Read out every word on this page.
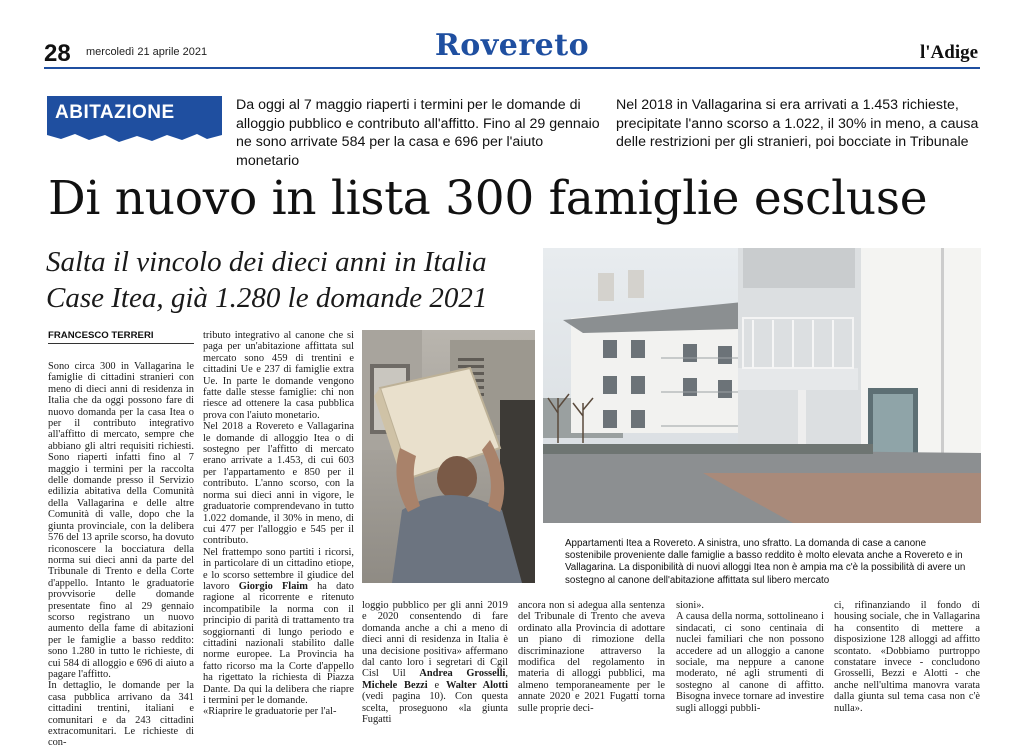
28 mercoledì 21 aprile 2021	Rovereto	l'Adige
ABITAZIONE	Da oggi al 7 maggio riaperti i termini per le domande di alloggio pubblico e contributo all'affitto. Fino al 29 gennaio ne sono arrivate 584 per la casa e 696 per l'aiuto monetario
Nel 2018 in Vallagarina si era arrivati a 1.453 richieste, precipitate l'anno scorso a 1.022, il 30% in meno, a causa delle restrizioni per gli stranieri, poi bocciate in Tribunale
Di nuovo in lista 300 famiglie escluse
Salta il vincolo dei dieci anni in Italia
Case Itea, già 1.280 le domande 2021
FRANCESCO TERRERI

Sono circa 300 in Vallagarina le famiglie di cittadini stranieri con meno di dieci anni di residenza in Italia che da oggi possono fare di nuovo domanda per la casa Itea o per il contributo integrativo all'affitto di mercato, sempre che abbiano gli altri requisiti richiesti. Sono riaperti infatti fino al 7 maggio i termini per la raccolta delle domande presso il Servizio edilizia abitativa della Comunità della Vallagarina e delle altre Comunità di valle, dopo che la giunta provinciale, con la delibera 576 del 13 aprile scorso, ha dovuto riconoscere la bocciatura della norma sui dieci anni da parte del Tribunale di Trento e della Corte d'appello. Intanto le graduatorie provvisorie delle domande presentate fino al 29 gennaio scorso registrano un nuovo aumento della fame di abitazioni per le famiglie a basso reddito: sono 1.280 in tutto le richieste, di cui 584 di alloggio e 696 di aiuto a pagare l'affitto.

In dettaglio, le domande per la casa pubblica arrivano da 341 cittadini trentini, italiani e comunitari e da 243 cittadini extracomunitari. Le richieste di con-

tributo integrativo al canone che si paga per un'abitazione affittata sul mercato sono 459 di trentini e cittadini Ue e 237 di famiglie extra Ue. In parte le domande vengono fatte dalle stesse famiglie: chi non riesce ad ottenere la casa pubblica prova con l'aiuto monetario.

Nel 2018 a Rovereto e Vallagarina le domande di alloggio Itea o di sostegno per l'affitto di mercato erano arrivate a 1.453, di cui 603 per l'appartamento e 850 per il contributo. L'anno scorso, con la norma sui dieci anni in vigore, le graduatorie comprendevano in tutto 1.022 domande, il 30% in meno, di cui 477 per l'alloggio e 545 per il contributo.

Nel frattempo sono partiti i ricorsi, in particolare di un cittadino etiope, e lo scorso settembre il giudice del lavoro Giorgio Flaim ha dato ragione al ricorrente e ritenuto incompatibile la norma con il principio di parità di trattamento tra soggiornanti di lungo periodo e cittadini nazionali stabilito dalle norme europee. La Provincia ha fatto ricorso ma la Corte d'appello ha rigettato la richiesta di Piazza Dante. Da qui la delibera che riapre i termini per le domande.

«Riaprire le graduatorie per l'al-

Appartamenti Itea a Rovereto. A sinistra, uno sfratto. La domanda di case a canone sostenibile proveniente dalle famiglie a basso reddito è molto elevata anche a Rovereto e in Vallagarina. La disponibilità di nuovi alloggi Itea non è ampia ma c'è la possibilità di avere un sostegno al canone dell'abitazione affittata sul libero mercato

loggio pubblico per gli anni 2019 e 2020 consentendo di fare domanda anche a chi a meno di dieci anni di residenza in Italia è una decisione positiva» affermano dal canto loro i segretari di Cgil Cisl Uil Andrea Grosselli, Michele Bezzi e Walter Alotti (vedi pagina 10). Con questa scelta, proseguono «la giunta Fugatti

ancora non si adegua alla sentenza del Tribunale di Trento che aveva ordinato alla Provincia di adottare un piano di rimozione della discriminazione attraverso la modifica del regolamento in materia di alloggi pubblici, ma almeno temporaneamente per le annate 2020 e 2021 Fugatti torna sulle proprie deci-

sioni».

A causa della norma, sottolineano i sindacati, ci sono centinaia di nuclei familiari che non possono accedere ad un alloggio a canone sociale, ma neppure a canone moderato, né agli strumenti di sostegno al canone di affitto. Bisogna invece tornare ad investire sugli alloggi pubbli-

ci, rifinanziando il fondo di housing sociale, che in Vallagarina ha consentito di mettere a disposizione 128 alloggi ad affitto scontato. «Dobbiamo purtroppo constatare invece - concludono Grosselli, Bezzi e Alotti - che anche nell'ultima manovra varata dalla giunta sul tema casa non c'è nulla».
